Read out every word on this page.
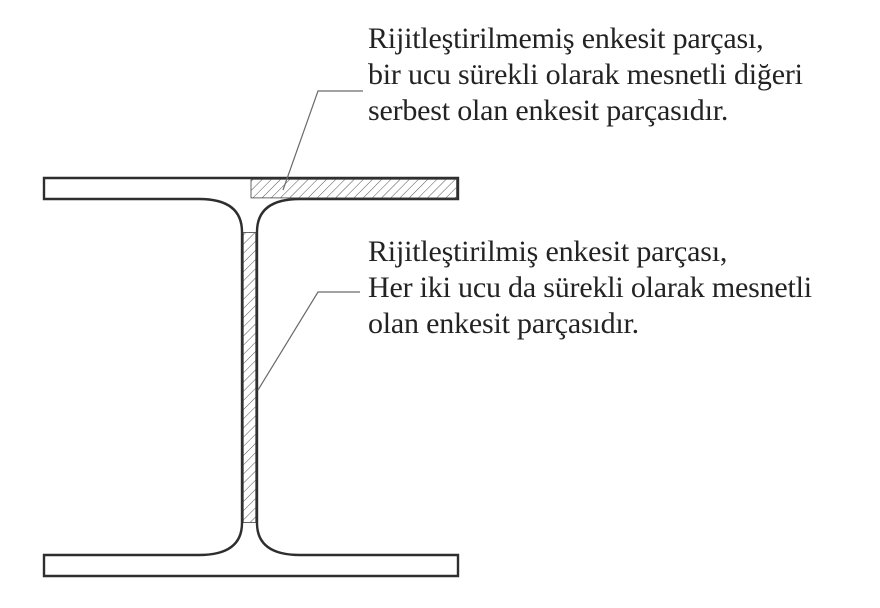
Rijitleştirilmemiş enkesit parçası,
bir ucu sürekli olarak mesnetli diğeri
serbest olan enkesit parçasıdır.
Rijitleştirilmiş enkesit parçası,
Her iki ucu da sürekli olarak mesnetli
olan enkesit parçasıdır.
